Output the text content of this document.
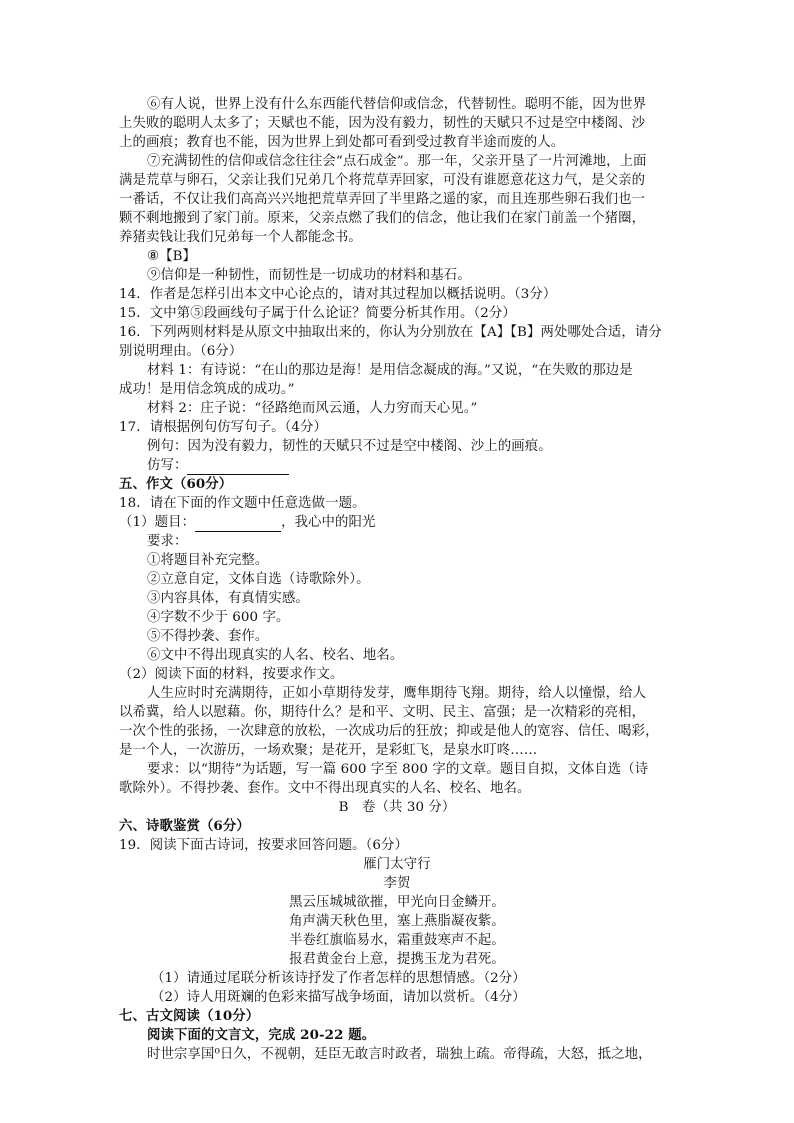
⑥有人说，世界上没有什么东西能代替信仰或信念，代替韧性。聪明不能，因为世界
上失败的聪明人太多了；天赋也不能，因为没有毅力，韧性的天赋只不过是空中楼阁、沙
上的画痕；教育也不能，因为世界上到处都可看到受过教育半途而废的人。
⑦充满韧性的信仰或信念往往会“点石成金”。那一年，父亲开垦了一片河滩地，上面
满是荒草与卵石，父亲让我们兄弟几个将荒草弄回家，可没有谁愿意花这力气，是父亲的
一番话，不仅让我们高高兴兴地把荒草弄回了半里路之遥的家，而且连那些卵石我们也一
颗不剩地搬到了家门前。原来，父亲点燃了我们的信念，他让我们在家门前盖一个猪圈，
养猪卖钱让我们兄弟每一个人都能念书。
⑧【B】
⑨信仰是一种韧性，而韧性是一切成功的材料和基石。
14．作者是怎样引出本文中心论点的，请对其过程加以概括说明。（3分）
15．文中第⑤段画线句子属于什么论证？简要分析其作用。（2分）
16．下列两则材料是从原文中抽取出来的，你认为分别放在【A】【B】两处哪处合适，请分
别说明理由。（6分）
材料 1：有诗说：“在山的那边是海！是用信念凝成的海。”又说，“在失败的那边是
成功！是用信念筑成的成功。”
材料 2：庄子说：“径路绝而风云通，人力穷而天心见。”
17．请根据例句仿写句子。（4分）
例句：因为没有毅力，韧性的天赋只不过是空中楼阁、沙上的画痕。
仿写：
五、作文（60分）
18．请在下面的作文题中任意选做一题。
（1）题目：	，我心中的阳光
要求：
①将题目补充完整。
②立意自定，文体自选（诗歌除外）。
③内容具体，有真情实感。
④字数不少于 600 字。
⑤不得抄袭、套作。
⑥文中不得出现真实的人名、校名、地名。
（2）阅读下面的材料，按要求作文。
人生应时时充满期待，正如小草期待发芽，鹰隼期待飞翔。期待，给人以憧憬，给人
以希冀，给人以慰藉。你，期待什么？是和平、文明、民主、富强；是一次精彩的亮相，
一次个性的张扬，一次肆意的放松，一次成功后的狂放；抑或是他人的宽容、信任、喝彩，
是一个人，一次游历，一场欢聚；是花开，是彩虹飞，是泉水叮咚……
要求：以“期待”为话题，写一篇 600 字至 800 字的文章。题目自拟，文体自选（诗
歌除外）。不得抄袭、套作。文中不得出现真实的人名、校名、地名。
B　卷（共 30 分）
六、诗歌鉴赏（6分）
19．阅读下面古诗词，按要求回答问题。（6分）
雁门太守行
李贺
黑云压城城欲摧，甲光向日金鳞开。
角声满天秋色里，塞上燕脂凝夜紫。
半卷红旗临易水，霜重鼓寒声不起。
报君黄金台上意，提携玉龙为君死。
（1）请通过尾联分析该诗抒发了作者怎样的思想情感。（2分）
（2）诗人用斑斓的色彩来描写战争场面，请加以赏析。（4分）
七、古文阅读（10分）
阅读下面的文言文，完成 20-22 题。
时世宗享国⁰日久，不视朝，廷臣无敢言时政者，瑞独上疏。帝得疏，大怒，抵之地，
